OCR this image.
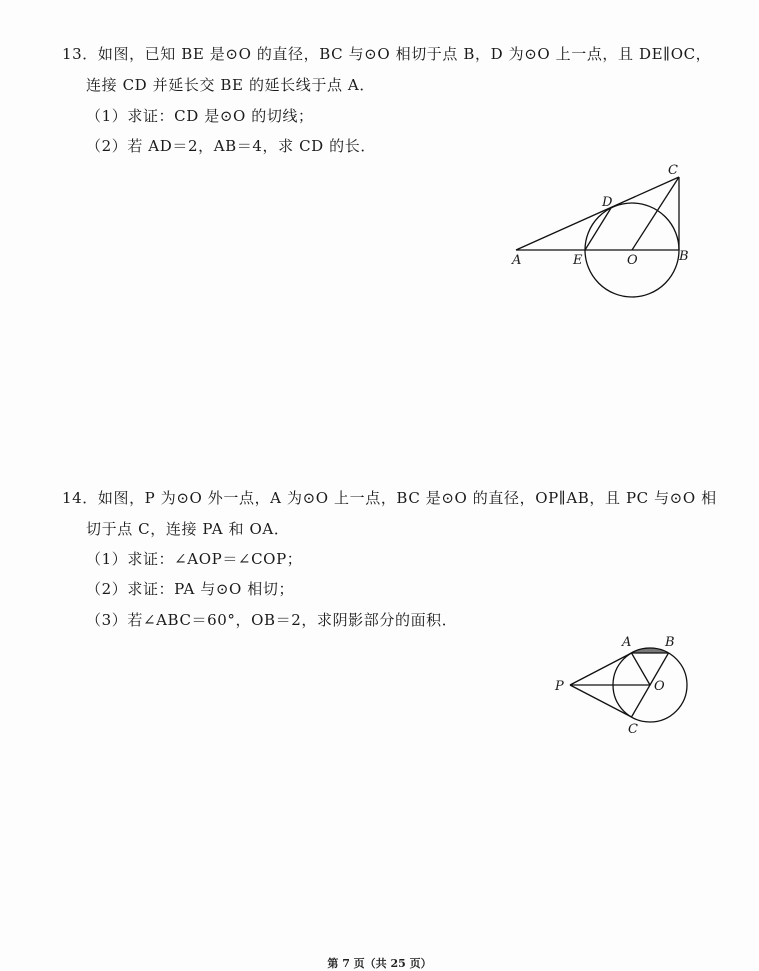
13．如图，已知 BE 是⊙O 的直径，BC 与⊙O 相切于点 B，D 为⊙O 上一点，且 DE∥OC，
连接 CD 并延长交 BE 的延长线于点 A．
（1）求证：CD 是⊙O 的切线；
（2）若 AD＝2，AB＝4，求 CD 的长．
C
D
A	E	O	B
14．如图，P 为⊙O 外一点，A 为⊙O 上一点，BC 是⊙O 的直径，OP∥AB，且 PC 与⊙O 相
切于点 C，连接 PA 和 OA．
（1）求证：∠AOP＝∠COP；
（2）求证：PA 与⊙O 相切；
（3）若∠ABC＝60°，OB＝2，求阴影部分的面积．
A	B
P	O
C
第 7 页（共 25 页）
